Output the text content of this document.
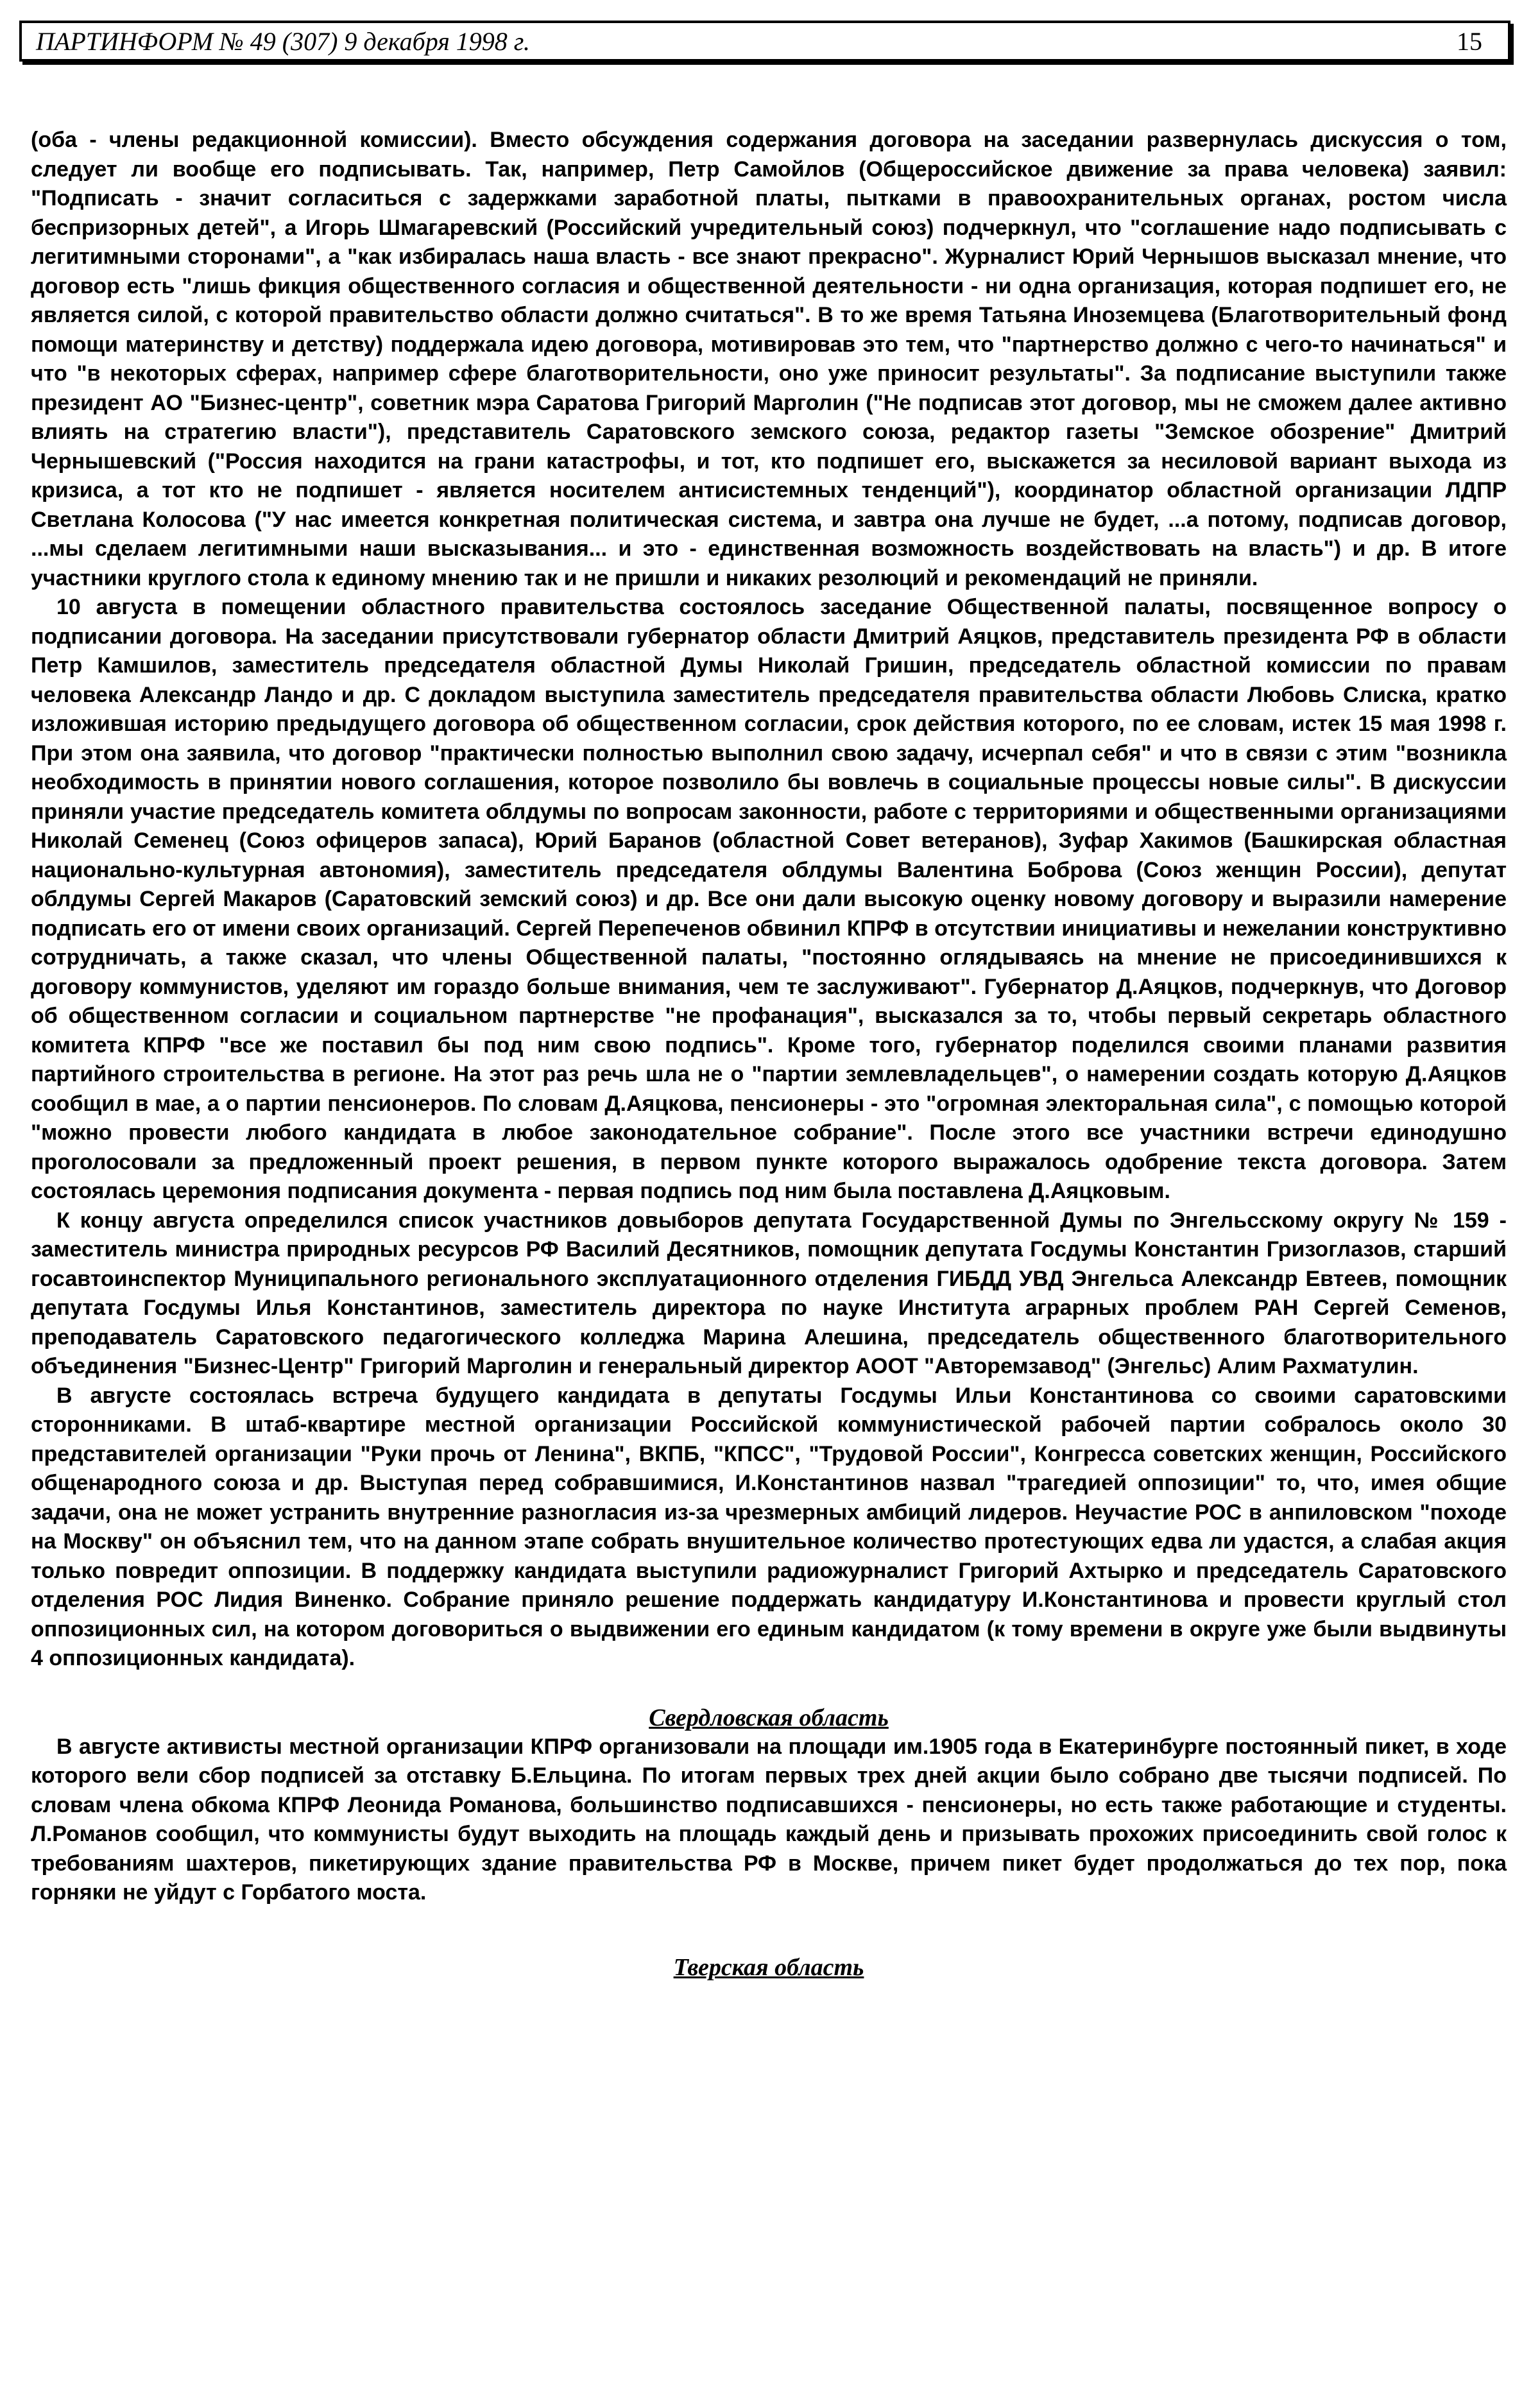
ПАРТИНФОРМ № 49 (307) 9 декабря 1998 г.	15

(оба - члены редакционной комиссии). Вместо обсуждения содержания договора на заседании развернулась дискуссия о том, следует ли вообще его подписывать. Так, например, Петр Самойлов (Общероссийское движение за права человека) заявил: "Подписать - значит согласиться с задержками заработной платы, пытками в правоохранительных органах, ростом числа беспризорных детей", а Игорь Шмагаревский (Российский учредительный союз) подчеркнул, что "соглашение надо подписывать с легитимными сторонами", а "как избиралась наша власть - все знают прекрасно". Журналист Юрий Чернышов высказал мнение, что договор есть "лишь фикция общественного согласия и общественной деятельности - ни одна организация, которая подпишет его, не является силой, с которой правительство области должно считаться". В то же время Татьяна Иноземцева (Благотворительный фонд помощи материнству и детству) поддержала идею договора, мотивировав это тем, что "партнерство должно с чего-то начинаться" и что "в некоторых сферах, например сфере благотворительности, оно уже приносит результаты". За подписание выступили также президент АО "Бизнес-центр", советник мэра Саратова Григорий Марголин ("Не подписав этот договор, мы не сможем далее активно влиять на стратегию власти"), представитель Саратовского земского союза, редактор газеты "Земское обозрение" Дмитрий Чернышевский ("Россия находится на грани катастрофы, и тот, кто подпишет его, выскажется за несиловой вариант выхода из кризиса, а тот кто не подпишет - является носителем антисистемных тенденций"), координатор областной организации ЛДПР Светлана Колосова ("У нас имеется конкретная политическая система, и завтра она лучше не будет, ...а потому, подписав договор, ...мы сделаем легитимными наши высказывания... и это - единственная возможность воздействовать на власть") и др. В итоге участники круглого стола к единому мнению так и не пришли и никаких резолюций и рекомендаций не приняли.

10 августа в помещении областного правительства состоялось заседание Общественной палаты, посвященное вопросу о подписании договора. На заседании присутствовали губернатор области Дмитрий Аяцков, представитель президента РФ в области Петр Камшилов, заместитель председателя областной Думы Николай Гришин, председатель областной комиссии по правам человека Александр Ландо и др. С докладом выступила заместитель председателя правительства области Любовь Слиска, кратко изложившая историю предыдущего договора об общественном согласии, срок действия которого, по ее словам, истек 15 мая 1998 г. При этом она заявила, что договор "практически полностью выполнил свою задачу, исчерпал себя" и что в связи с этим "возникла необходимость в принятии нового соглашения, которое позволило бы вовлечь в социальные процессы новые силы". В дискуссии приняли участие председатель комитета облдумы по вопросам законности, работе с территориями и общественными организациями Николай Семенец (Союз офицеров запаса), Юрий Баранов (областной Совет ветеранов), Зуфар Хакимов (Башкирская областная национально-культурная автономия), заместитель председателя облдумы Валентина Боброва (Союз женщин России), депутат облдумы Сергей Макаров (Саратовский земский союз) и др. Все они дали высокую оценку новому договору и выразили намерение подписать его от имени своих организаций. Сергей Перепеченов обвинил КПРФ в отсутствии инициативы и нежелании конструктивно сотрудничать, а также сказал, что члены Общественной палаты, "постоянно оглядываясь на мнение не присоединившихся к договору коммунистов, уделяют им гораздо больше внимания, чем те заслуживают". Губернатор Д.Аяцков, подчеркнув, что Договор об общественном согласии и социальном партнерстве "не профанация", высказался за то, чтобы первый секретарь областного комитета КПРФ "все же поставил бы под ним свою подпись". Кроме того, губернатор поделился своими планами развития партийного строительства в регионе. На этот раз речь шла не о "партии землевладельцев", о намерении создать которую Д.Аяцков сообщил в мае, а о партии пенсионеров. По словам Д.Аяцкова, пенсионеры - это "огромная электоральная сила", с помощью которой "можно провести любого кандидата в любое законодательное собрание". После этого все участники встречи единодушно проголосовали за предложенный проект решения, в первом пункте которого выражалось одобрение текста договора. Затем состоялась церемония подписания документа - первая подпись под ним была поставлена Д.Аяцковым.

К концу августа определился список участников довыборов депутата Государственной Думы по Энгельсскому округу № 159 - заместитель министра природных ресурсов РФ Василий Десятников, помощник депутата Госдумы Константин Гризоглазов, старший госавтоинспектор Муниципального регионального эксплуатационного отделения ГИБДД УВД Энгельса Александр Евтеев, помощник депутата Госдумы Илья Константинов, заместитель директора по науке Института аграрных проблем РАН Сергей Семенов, преподаватель Саратовского педагогического колледжа Марина Алешина, председатель общественного благотворительного объединения "Бизнес-Центр" Григорий Марголин и генеральный директор АООТ "Авторемзавод" (Энгельс) Алим Рахматулин.

В августе состоялась встреча будущего кандидата в депутаты Госдумы Ильи Константинова со своими саратовскими сторонниками. В штаб-квартире местной организации Российской коммунистической рабочей партии собралось около 30 представителей организации "Руки прочь от Ленина", ВКПБ, "КПСС", "Трудовой России", Конгресса советских женщин, Российского общенародного союза и др. Выступая перед собравшимися, И.Константинов назвал "трагедией оппозиции" то, что, имея общие задачи, она не может устранить внутренние разногласия из-за чрезмерных амбиций лидеров. Неучастие РОС в анпиловском "походе на Москву" он объяснил тем, что на данном этапе собрать внушительное количество протестующих едва ли удастся, а слабая акция только повредит оппозиции. В поддержку кандидата выступили радиожурналист Григорий Ахтырко и председатель Саратовского отделения РОС Лидия Виненко. Собрание приняло решение поддержать кандидатуру И.Константинова и провести круглый стол оппозиционных сил, на котором договориться о выдвижении его единым кандидатом (к тому времени в округе уже были выдвинуты 4 оппозиционных кандидата).

Свердловская область

В августе активисты местной организации КПРФ организовали на площади им.1905 года в Екатеринбурге постоянный пикет, в ходе которого вели сбор подписей за отставку Б.Ельцина. По итогам первых трех дней акции было собрано две тысячи подписей. По словам члена обкома КПРФ Леонида Романова, большинство подписавшихся - пенсионеры, но есть также работающие и студенты. Л.Романов сообщил, что коммунисты будут выходить на площадь каждый день и призывать прохожих присоединить свой голос к требованиям шахтеров, пикетирующих здание правительства РФ в Москве, причем пикет будет продолжаться до тех пор, пока горняки не уйдут с Горбатого моста.

Тверская область
